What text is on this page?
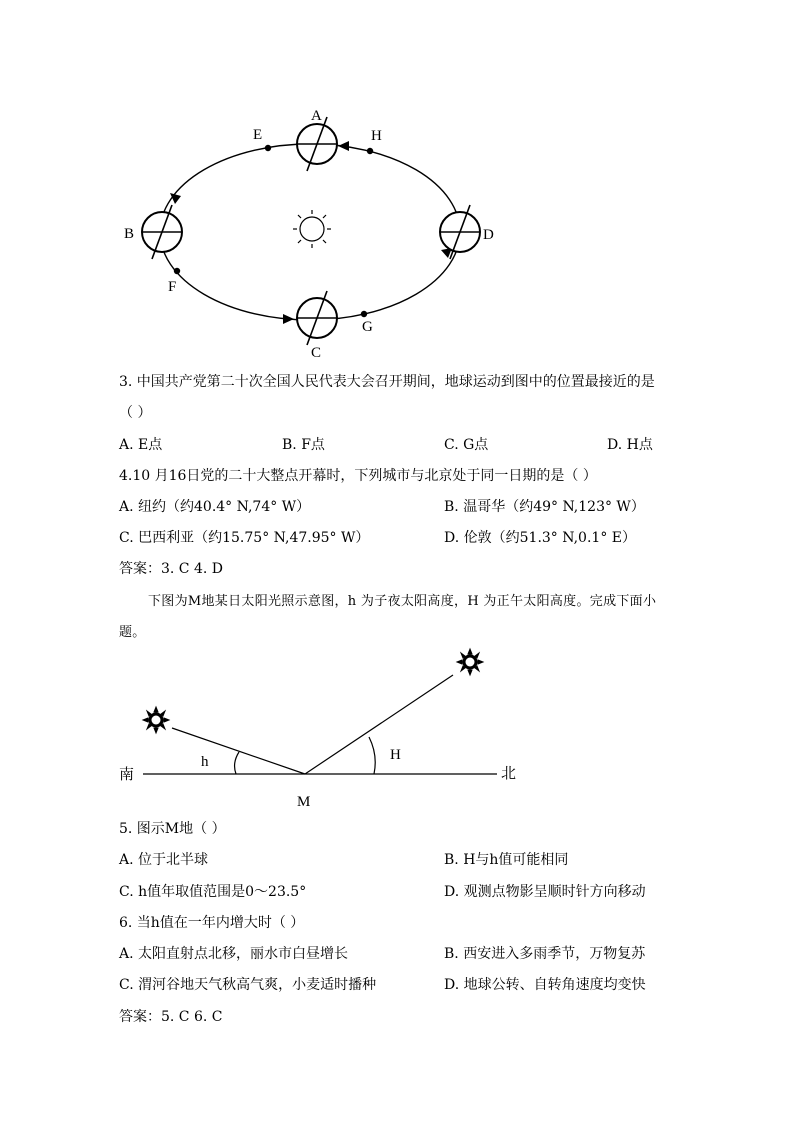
A
E	H
B	D
F
G
C
3. 中国共产党第二十次全国人民代表大会召开期间，地球运动到图中的位置最接近的是
（ ）
A. E点	B. F点	C. G点	D. H点
4.10 月16日党的二十大整点开幕时，下列城市与北京处于同一日期的是（ ）
A. 纽约（约40.4° N,74° W）	B. 温哥华（约49° N,123° W）
C. 巴西利亚（约15.75° N,47.95° W）	D. 伦敦（约51.3° N,0.1° E）
答案：3. C 4. D
下图为M地某日太阳光照示意图，h 为子夜太阳高度，H 为正午太阳高度。完成下面小
题。
南	北
h	H
M
5. 图示M地（ ）
A. 位于北半球	B. H与h值可能相同
C. h值年取值范围是0～23.5°	D. 观测点物影呈顺时针方向移动
6. 当h值在一年内增大时（ ）
A. 太阳直射点北移，丽水市白昼增长	B. 西安进入多雨季节，万物复苏
C. 渭河谷地天气秋高气爽，小麦适时播种	D. 地球公转、自转角速度均变快
答案：5. C 6. C
